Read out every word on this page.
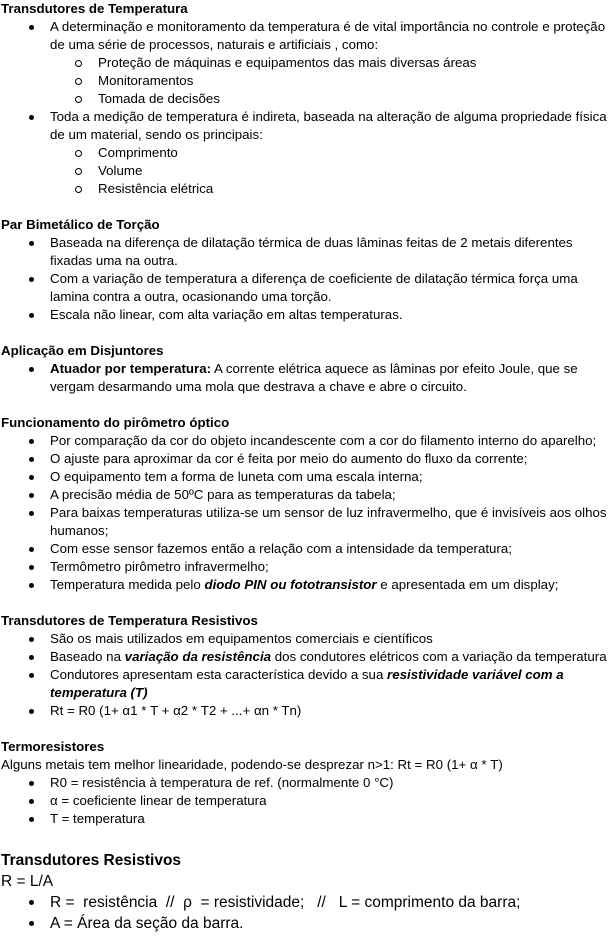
Transdutores de Temperatura
A determinação e monitoramento da temperatura é de vital importância no controle e proteção de uma série de processos, naturais e artificiais , como:
Proteção de máquinas e equipamentos das mais diversas áreas
Monitoramentos
Tomada de decisões
Toda a medição de temperatura é indireta, baseada na alteração de alguma propriedade física de um material, sendo os principais:
Comprimento
Volume
Resistência elétrica
Par Bimetálico de Torção
Baseada na diferença de dilatação térmica de duas lâminas feitas de 2 metais diferentes fixadas uma na outra.
Com a variação de temperatura a diferença de coeficiente de dilatação térmica força uma lamina contra a outra, ocasionando uma torção.
Escala não linear, com alta variação em altas temperaturas.
Aplicação em Disjuntores
Atuador por temperatura: A corrente elétrica aquece as lâminas por efeito Joule, que se vergam desarmando uma mola que destrava a chave e abre o circuito.
Funcionamento do pirômetro óptico
Por comparação da cor do objeto incandescente com a cor do filamento interno do aparelho;
O ajuste para aproximar da cor é feita por meio do aumento do fluxo da corrente;
O equipamento tem a forma de luneta com uma escala interna;
A precisão média de 50ºC para as temperaturas da tabela;
Para baixas temperaturas utiliza-se um sensor de luz infravermelho, que é invisíveis aos olhos humanos;
Com esse sensor fazemos então a relação com a intensidade da temperatura;
Termômetro pirômetro infravermelho;
Temperatura medida pelo diodo PIN ou fototransistor e apresentada em um display;
Transdutores de Temperatura Resistivos
São os mais utilizados em equipamentos comerciais e científicos
Baseado na variação da resistência dos condutores elétricos com a variação da temperatura
Condutores apresentam esta característica devido a sua resistividade variável com a temperatura (T)
Rt = R0 (1+ α1 * T + α2 * T2 + ...+ αn * Tn)
Termoresistores

Alguns metais tem melhor linearidade, podendo-se desprezar n>1: Rt = R0 (1+ α * T)

R0 = resistência à temperatura de ref. (normalmente 0 °C)
α = coeficiente linear de temperatura
T = temperatura
Transdutores Resistivos

R = L/A

R =  resistência  //  ρ  = resistividade;   //   L = comprimento da barra;
A = Área da seção da barra.
